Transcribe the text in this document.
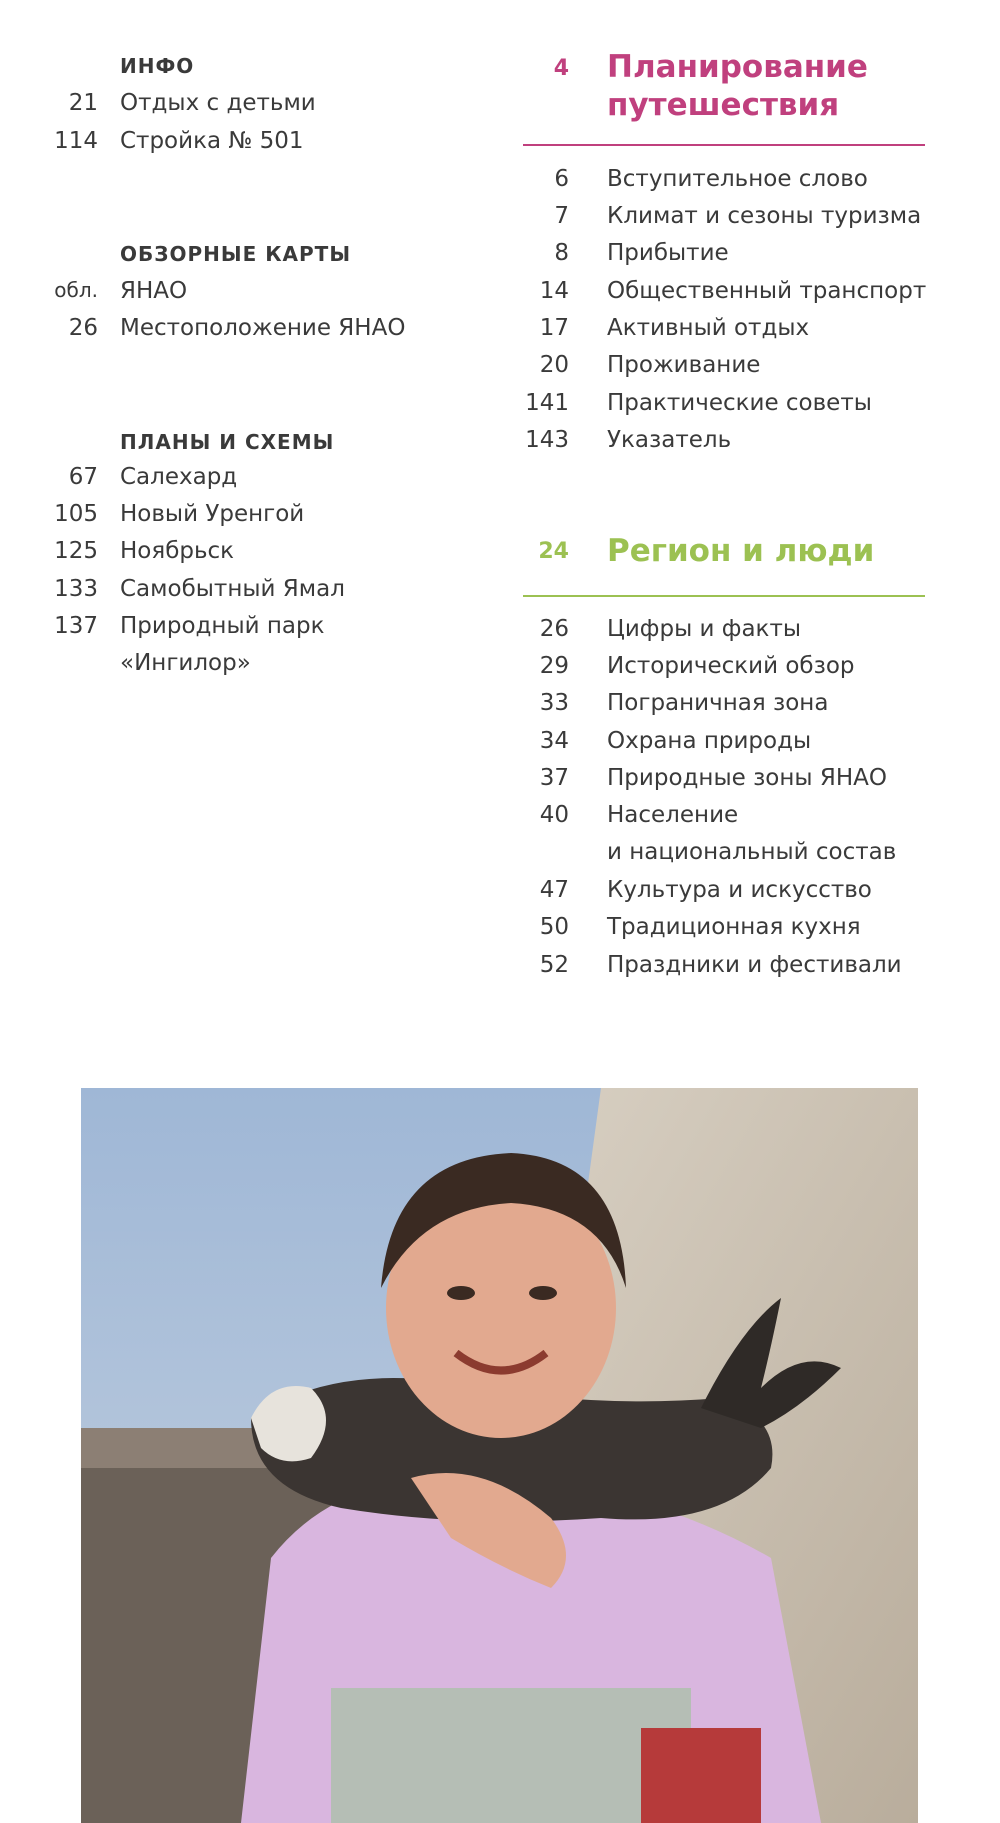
ИНФО
21 Отдых с детьми
114 Стройка № 501
ОБЗОРНЫЕ КАРТЫ
обл. ЯНАО
26 Местоположение ЯНАО
ПЛАНЫ И СХЕМЫ
67 Салехард
105 Новый Уренгой
125 Ноябрьск
133 Самобытный Ямал
137 Природный парк
«Ингилор»
4 Планирование
путешествия
6 Вступительное слово
7 Климат и сезоны туризма
8 Прибытие
14 Общественный транспорт
17 Активный отдых
20 Проживание
141 Практические советы
143 Указатель
24 Регион и люди
26 Цифры и факты
29 Исторический обзор
33 Пограничная зона
34 Охрана природы
37 Природные зоны ЯНАО
40 Население
и национальный состав
47 Культура и искусство
50 Традиционная кухня
52 Праздники и фестивали
